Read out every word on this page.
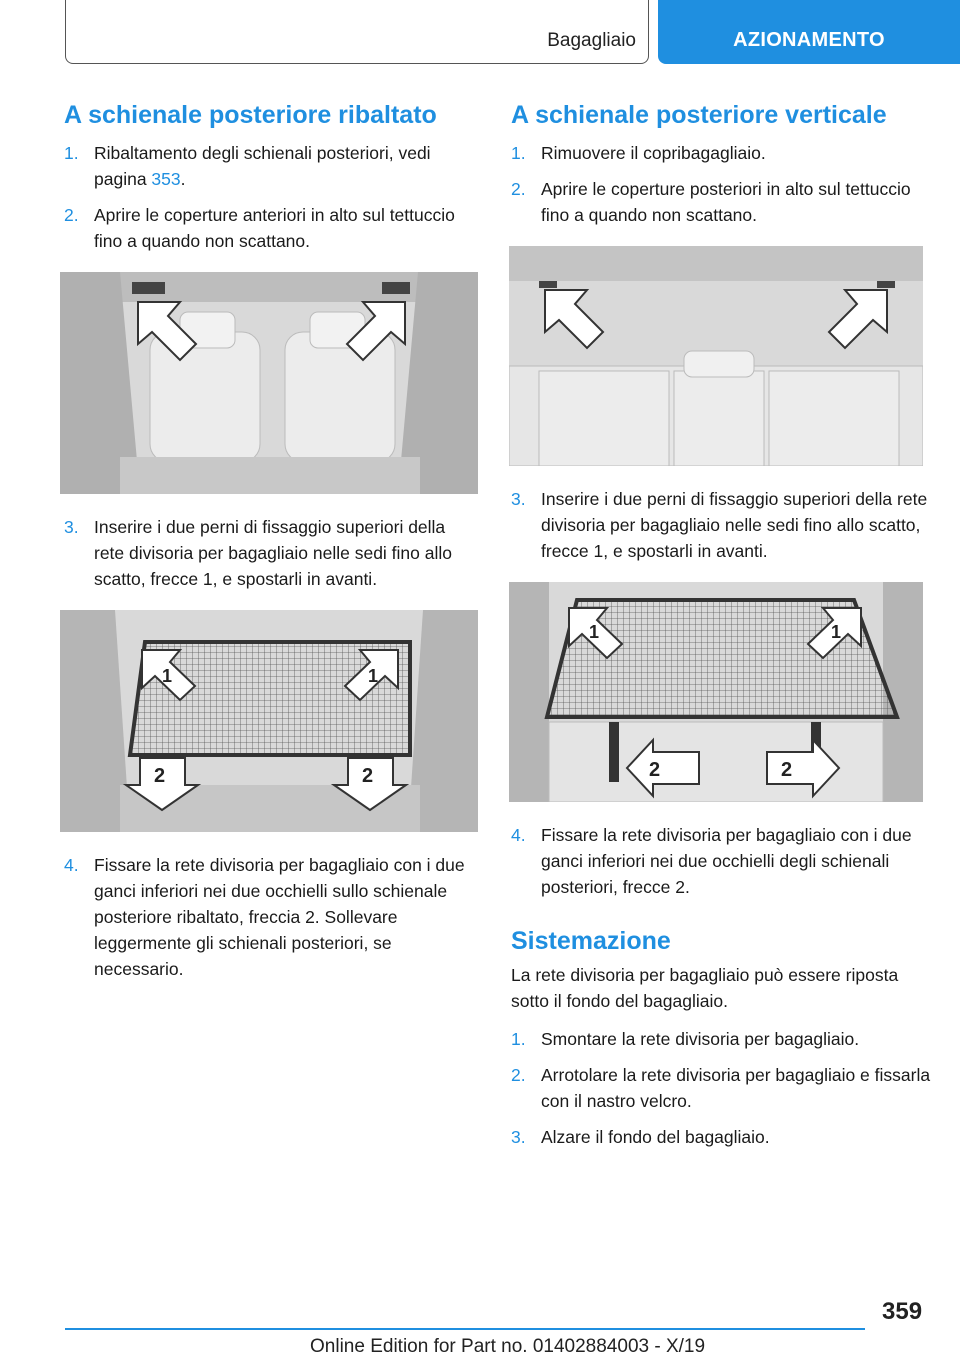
Bagagliaio	AZIONAMENTO
A schienale posteriore ribaltato
1. Ribaltamento degli schienali posteriori, vedi pagina 353.
2. Aprire le coperture anteriori in alto sul tettuccio fino a quando non scattano.
3. Inserire i due perni di fissaggio superiori della rete divisoria per bagagliaio nelle sedi fino allo scatto, frecce 1, e spostarli in avanti.
1	1
2	2
4. Fissare la rete divisoria per bagagliaio con i due ganci inferiori nei due occhielli sullo schienale posteriore ribaltato, freccia 2. Sollevare leggermente gli schienali posteriori, se necessario.
A schienale posteriore verticale
1. Rimuovere il copribagagliaio.
2. Aprire le coperture posteriori in alto sul tettuccio fino a quando non scattano.
3. Inserire i due perni di fissaggio superiori della rete divisoria per bagagliaio nelle sedi fino allo scatto, frecce 1, e spostarli in avanti.
1	1
2	2
4. Fissare la rete divisoria per bagagliaio con i due ganci inferiori nei due occhielli degli schienali posteriori, frecce 2.
Sistemazione

La rete divisoria per bagagliaio può essere riposta sotto il fondo del bagagliaio.

1. Smontare la rete divisoria per bagagliaio.
2. Arrotolare la rete divisoria per bagagliaio e fissarla con il nastro velcro.
3. Alzare il fondo del bagagliaio.
359
Online Edition for Part no. 01402884003 - X/19
